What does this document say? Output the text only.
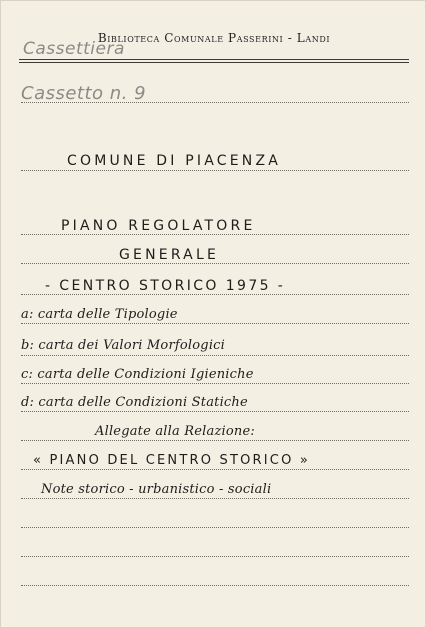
Biblioteca Comunale Passerini - Landi
Cassettiera
Cassetto n. 9
COMUNE DI PIACENZA
PIANO REGOLATORE
GENERALE
- CENTRO STORICO 1975 -
a: carta delle Tipologie
b: carta dei Valori Morfologici
c: carta delle Condizioni Igieniche
d: carta delle Condizioni Statiche
Allegate alla Relazione:
« PIANO DEL CENTRO STORICO »
Note storico - urbanistico - sociali
